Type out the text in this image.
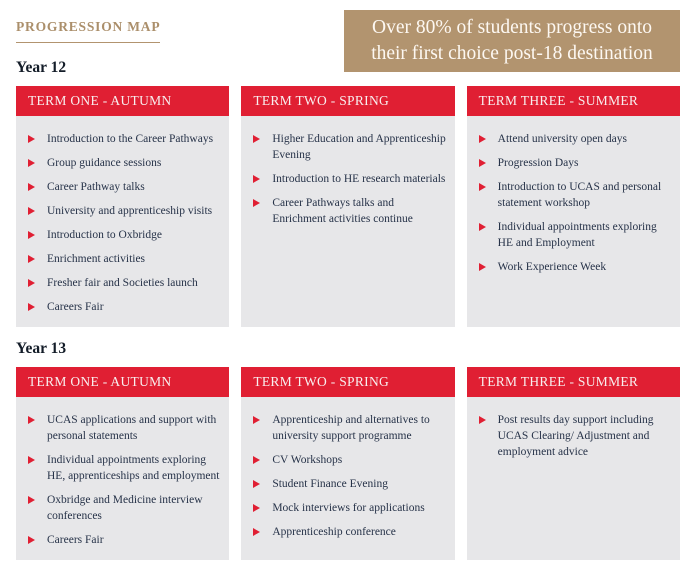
PROGRESSION MAP	Over 80% of students progress onto their first choice post-18 destination
Year 12
TERM ONE - AUTUMN
Introduction to the Career Pathways
Group guidance sessions
Career Pathway talks
University and apprenticeship visits
Introduction to Oxbridge
Enrichment activities
Fresher fair and Societies launch
Careers Fair
TERM TWO - SPRING
Higher Education and Apprenticeship Evening
Introduction to HE research materials
Career Pathways talks and Enrichment activities continue
TERM THREE - SUMMER
Attend university open days
Progression Days
Introduction to UCAS and personal statement workshop
Individual appointments exploring HE and Employment
Work Experience Week
Year 13
TERM ONE - AUTUMN
UCAS applications and support with personal statements
Individual appointments exploring HE, apprenticeships and employment
Oxbridge and Medicine interview conferences
Careers Fair
TERM TWO - SPRING
Apprenticeship and alternatives to university support programme
CV Workshops
Student Finance Evening
Mock interviews for applications
Apprenticeship conference
TERM THREE - SUMMER
Post results day support including UCAS Clearing/ Adjustment and employment advice
